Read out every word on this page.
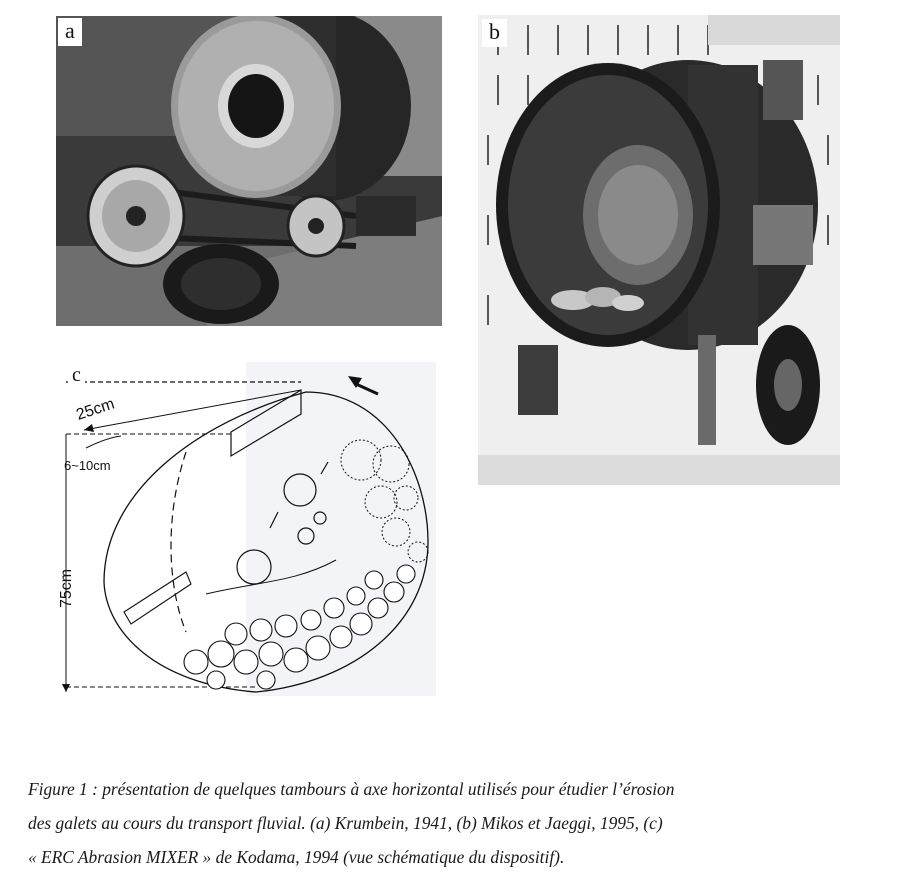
a	b
25cm
6~10cm
75cm
c
Figure 1 : présentation de quelques tambours à axe horizontal utilisés pour étudier l’érosion
des galets au cours du transport fluvial. (a) Krumbein, 1941, (b) Mikos et Jaeggi, 1995, (c)
« ERC Abrasion MIXER » de Kodama, 1994 (vue schématique du dispositif).
